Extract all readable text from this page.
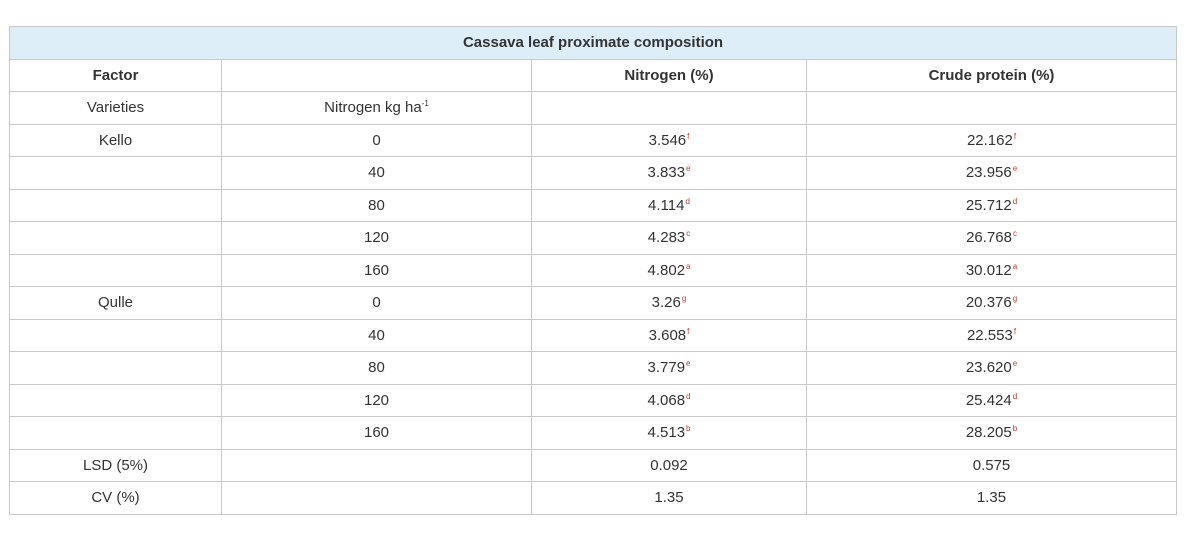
Cassava leaf proximate composition			
Factor		Nitrogen (%)	Crude protein (%)
Varieties	Nitrogen kg $ha^{-1}$		
Kello	0	3.546$^f$	22.162$^f$
	40	3.833e	23.956e
	80	4.114$^d$	25.712$^d$
	120	4.283$^c$	26.768$^c$
	160	4.802$^a$	30.012$^a$
Qulle	0	3.26$^g$	20.376$^g$
	40	3.608$^f$	22.553$^f$
	80	3.779e	23.620e
	120	4.068$^d$	25.424$^d$
	160	4.513$^b$	28.205$^b$
LSD (5%)		0.092	0.575
CV (%)		1.35	1.35
